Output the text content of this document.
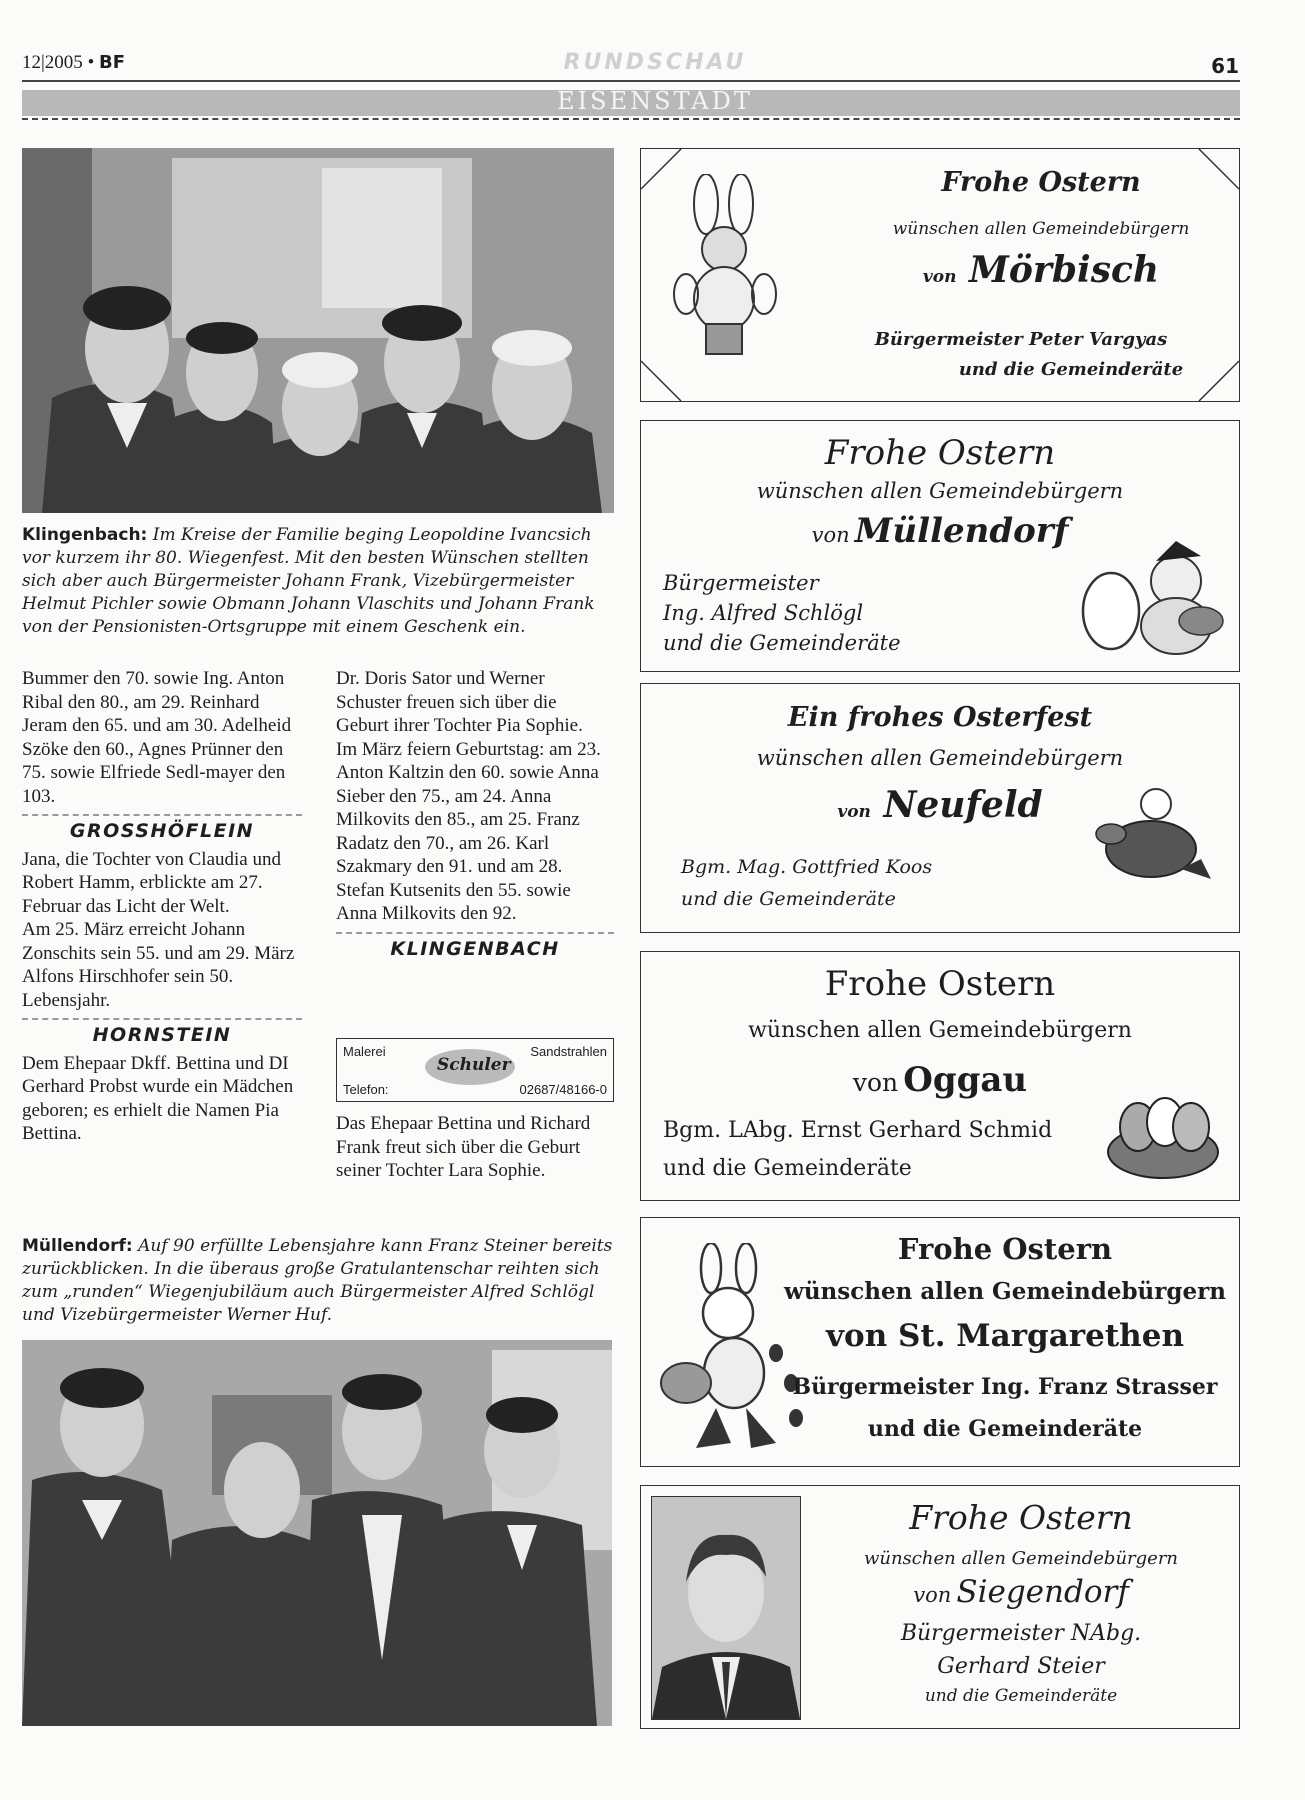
12|2005 • BF	RUNDSCHAU
EISENSTADT
61
Klingenbach: Im Kreise der Familie beging Leopoldine Ivancsich vor kurzem ihr 80. Wiegenfest. Mit den besten Wünschen stellten sich aber auch Bürgermeister Johann Frank, Vizebürgermeister Helmut Pichler sowie Obmann Johann Vlaschits und Johann Frank von der Pensionisten-Ortsgruppe mit einem Geschenk ein.

Bummer den 70. sowie Ing. Anton Ribal den 80., am 29. Reinhard Jeram den 65. und am 30. Adelheid Szöke den 60., Agnes Prünner den 75. sowie Elfriede Sedl-mayer den 103.

GROSSHÖFLEIN

Jana, die Tochter von Claudia und Robert Hamm, erblickte am 27. Februar das Licht der Welt.

Am 25. März erreicht Johann Zonschits sein 55. und am 29. März Alfons Hirschhofer sein 50. Lebensjahr.

HORNSTEIN

Dem Ehepaar Dkff. Bettina und DI Gerhard Probst wurde ein Mädchen geboren; es erhielt die Namen Pia Bettina.

Dr. Doris Sator und Werner Schuster freuen sich über die Geburt ihrer Tochter Pia Sophie.

Im März feiern Geburtstag: am 23. Anton Kaltzin den 60. sowie Anna Sieber den 75., am 24. Anna Milkovits den 85., am 25. Franz Radatz den 70., am 26. Karl Szakmary den 91. und am 28. Stefan Kutsenits den 55. sowie Anna Milkovits den 92.

KLINGENBACH
Malerei	Sandstrahlen
Telefon:	02687/48166-0
Schuler

Das Ehepaar Bettina und Richard Frank freut sich über die Geburt seiner Tochter Lara Sophie.

Müllendorf: Auf 90 erfüllte Lebensjahre kann Franz Steiner bereits zurückblicken. In die überaus große Gratulantenschar reihten sich zum „runden“ Wiegenjubiläum auch Bürgermeister Alfred Schlögl und Vizebürgermeister Werner Huf.
Frohe Ostern
wünschen allen Gemeindebürgern
von Mörbisch
Bürgermeister Peter Vargyas
und die Gemeinderäte
Frohe Ostern
wünschen allen Gemeindebürgern
von Müllendorf
Bürgermeister
Ing. Alfred Schlögl
und die Gemeinderäte
Ein frohes Osterfest
wünschen allen Gemeindebürgern
von Neufeld
Bgm. Mag. Gottfried Koos
und die Gemeinderäte
Frohe Ostern
wünschen allen Gemeindebürgern
von Oggau
Bgm. LAbg. Ernst Gerhard Schmid
und die Gemeinderäte
Frohe Ostern
wünschen allen Gemeindebürgern
von St. Margarethen
Bürgermeister Ing. Franz Strasser
und die Gemeinderäte
Frohe Ostern
wünschen allen Gemeindebürgern
von Siegendorf
Bürgermeister NAbg.
Gerhard Steier
und die Gemeinderäte
